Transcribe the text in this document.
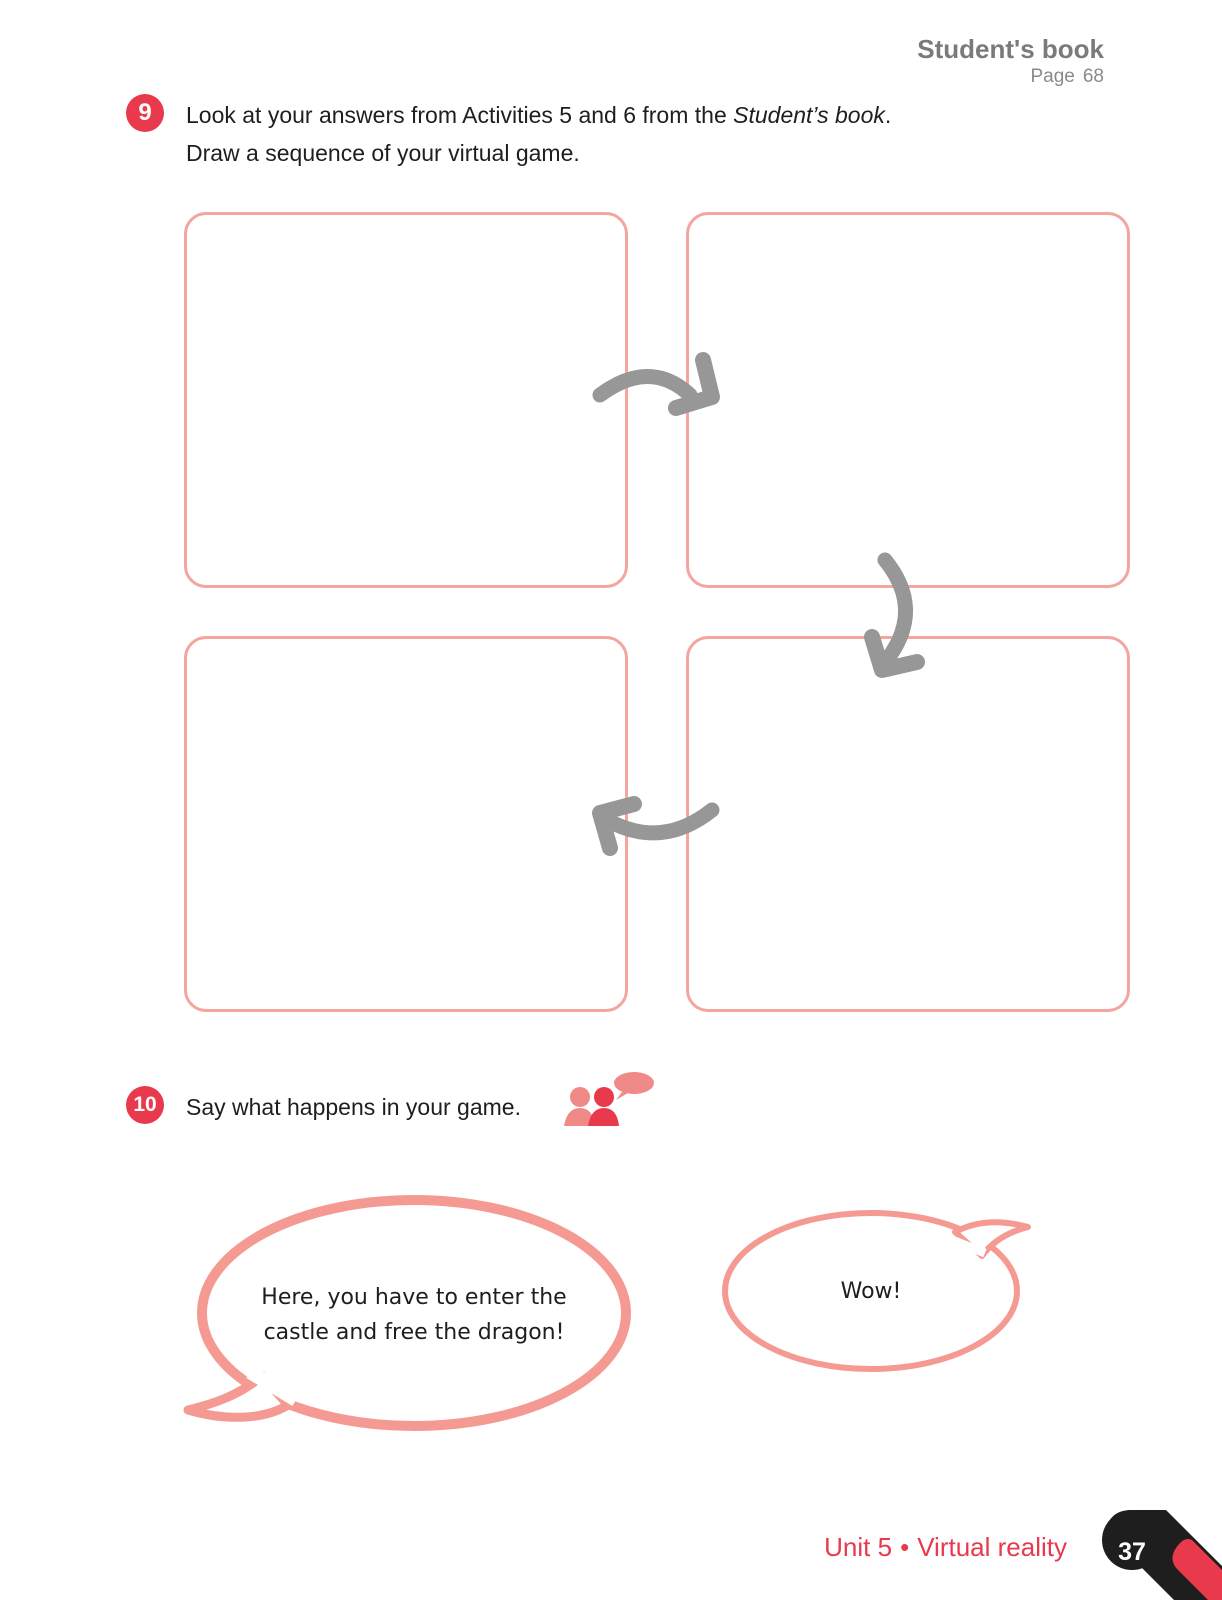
Student's book
Page 68
9	Look at your answers from Activities 5 and 6 from the Student’s book.
Draw a sequence of your virtual game.
10	Say what happens in your game.
Here, you have to enter the
castle and free the dragon!
Wow!
Unit 5 • Virtual reality	37
